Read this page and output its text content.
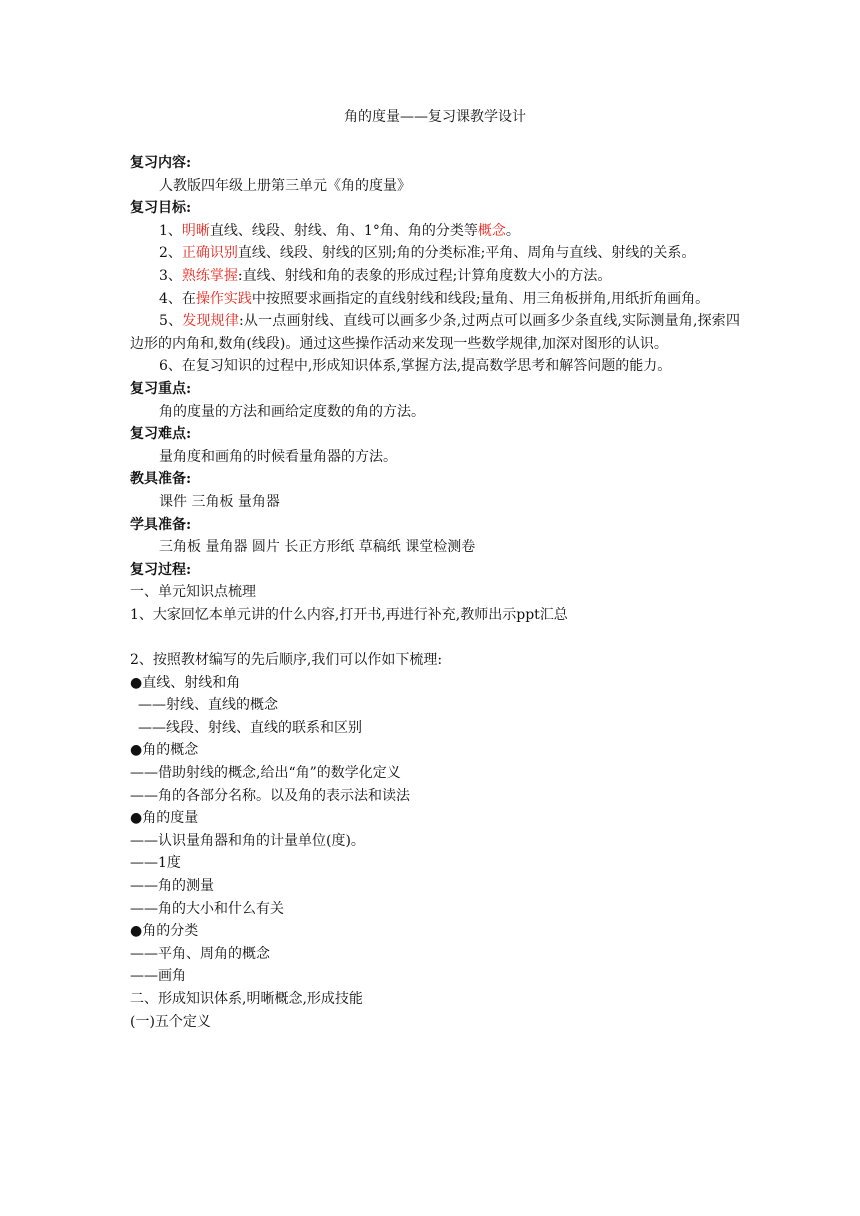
角的度量——复习课教学设计
复习内容:
人教版四年级上册第三单元《角的度量》
复习目标:
1、明晰直线、线段、射线、角、1°角、角的分类等概念。
2、正确识别直线、线段、射线的区别;角的分类标准;平角、周角与直线、射线的关系。
3、熟练掌握:直线、射线和角的表象的形成过程;计算角度数大小的方法。
4、在操作实践中按照要求画指定的直线射线和线段;量角、用三角板拼角,用纸折角画角。
5、发现规律:从一点画射线、直线可以画多少条,过两点可以画多少条直线,实际测量角,探索四边形的内角和,数角(线段)。通过这些操作活动来发现一些数学规律,加深对图形的认识。
6、在复习知识的过程中,形成知识体系,掌握方法,提高数学思考和解答问题的能力。
复习重点:
角的度量的方法和画给定度数的角的方法。
复习难点:
量角度和画角的时候看量角器的方法。
教具准备:
课件 三角板 量角器
学具准备:
三角板 量角器 圆片 长正方形纸 草稿纸 课堂检测卷
复习过程:
一、单元知识点梳理
1、大家回忆本单元讲的什么内容,打开书,再进行补充,教师出示ppt汇总
2、按照教材编写的先后顺序,我们可以作如下梳理:
●直线、射线和角
——射线、直线的概念
——线段、射线、直线的联系和区别
●角的概念
——借助射线的概念,给出“角”的数学化定义
——角的各部分名称。以及角的表示法和读法
●角的度量
——认识量角器和角的计量单位(度)。
——1度
——角的测量
——角的大小和什么有关
●角的分类
——平角、周角的概念
——画角
二、形成知识体系,明晰概念,形成技能
(一)五个定义
